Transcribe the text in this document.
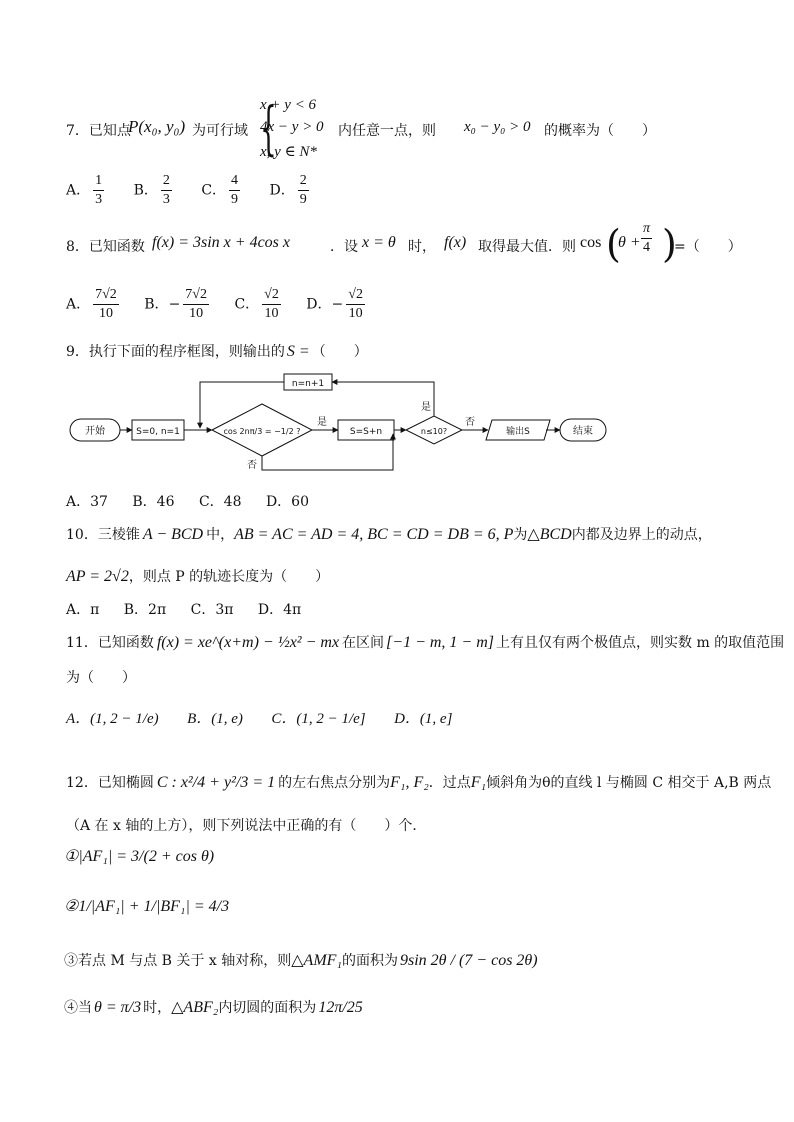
7．已知点
P(x₀, y₀) 为可行域 {
x + y < 6
4x − y > 0
x, y ∈ N*
内任意一点，则 x₀ − y₀ > 0 的概率为（　　）
A． $\frac{1}{3}$ B． $\frac{2}{3}$ C． $\frac{4}{9}$ D． $\frac{2}{9}$
8．已知函数 f(x) = 3sin x + 4cos x	．设 x = θ 时， f(x) 取得最大值．则 cos (
$\theta + \frac{\pi}{4}$ )
=（　　）
A． $\frac{7√2}{10}$ B．− $\frac{7√2}{10}$ C． $\frac{√2}{10}$ D．− $\frac{√2}{10}$
9．执行下面的程序框图，则输出的 S = （　　）
开始	S=0, n=1	cos 2nπ/3 = −1/2 ?
是
否
S=S+n	n≤10?
是
否
n=n+1
输出S	结束
A．37 B．46 C．48 D．60
10．三棱锥 A − BCD 中，AB = AC = AD = 4, BC = CD = DB = 6, P为△BCD内都及边界上的动点，
AP = 2√2，则点 P 的轨迹长度为（　　）
A．π B．2π C．3π D．4π
11．已知函数 f(x) = xe^(x+m) − ½x² − mx 在区间 [−1 − m, 1 − m] 上有且仅有两个极值点，则实数 m 的取值范围
为（　　）
A．(1, 2 − 1/e) B．(1, e) C．(1, 2 − 1/e] D．(1, e]
12．已知椭圆 C : x²/4 + y²/3 = 1 的左右焦点分别为F₁, F₂．过点F₁倾斜角为θ的直线 l 与椭圆 C 相交于 A,B 两点
（A 在 x 轴的上方），则下列说法中正确的有（　　）个．
①|AF₁| = 3/(2 + cos θ)
②1/|AF₁| + 1/|BF₁| = 4/3
③若点 M 与点 B 关于 x 轴对称，则△AMF₁的面积为 9sin 2θ / (7 − cos 2θ)
④当 θ = π/3 时，△ABF₂内切圆的面积为 12π/25
